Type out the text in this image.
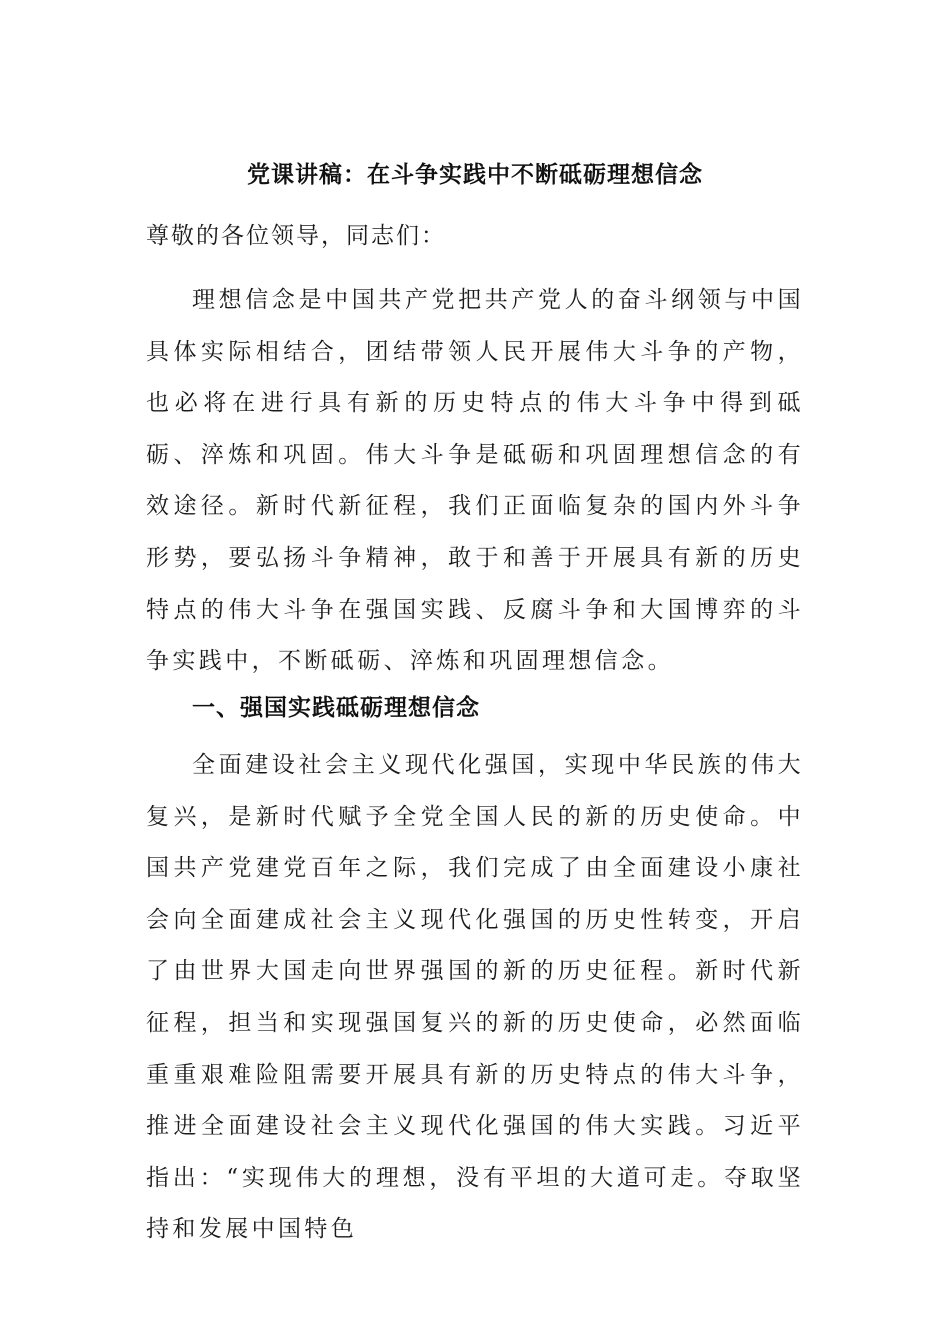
党课讲稿：在斗争实践中不断砥砺理想信念
尊敬的各位领导，同志们：

理想信念是中国共产党把共产党人的奋斗纲领与中国具体实际相结合，团结带领人民开展伟大斗争的产物，也必将在进行具有新的历史特点的伟大斗争中得到砥砺、淬炼和巩固。伟大斗争是砥砺和巩固理想信念的有效途径。新时代新征程，我们正面临复杂的国内外斗争形势，要弘扬斗争精神，敢于和善于开展具有新的历史特点的伟大斗争在强国实践、反腐斗争和大国博弈的斗争实践中，不断砥砺、淬炼和巩固理想信念。

一、强国实践砥砺理想信念

全面建设社会主义现代化强国，实现中华民族的伟大复兴，是新时代赋予全党全国人民的新的历史使命。中国共产党建党百年之际，我们完成了由全面建设小康社会向全面建成社会主义现代化强国的历史性转变，开启了由世界大国走向世界强国的新的历史征程。新时代新征程，担当和实现强国复兴的新的历史使命，必然面临重重艰难险阻需要开展具有新的历史特点的伟大斗争，推进全面建设社会主义现代化强国的伟大实践。习近平指出：“实现伟大的理想，没有平坦的大道可走。夺取坚持和发展中国特色
